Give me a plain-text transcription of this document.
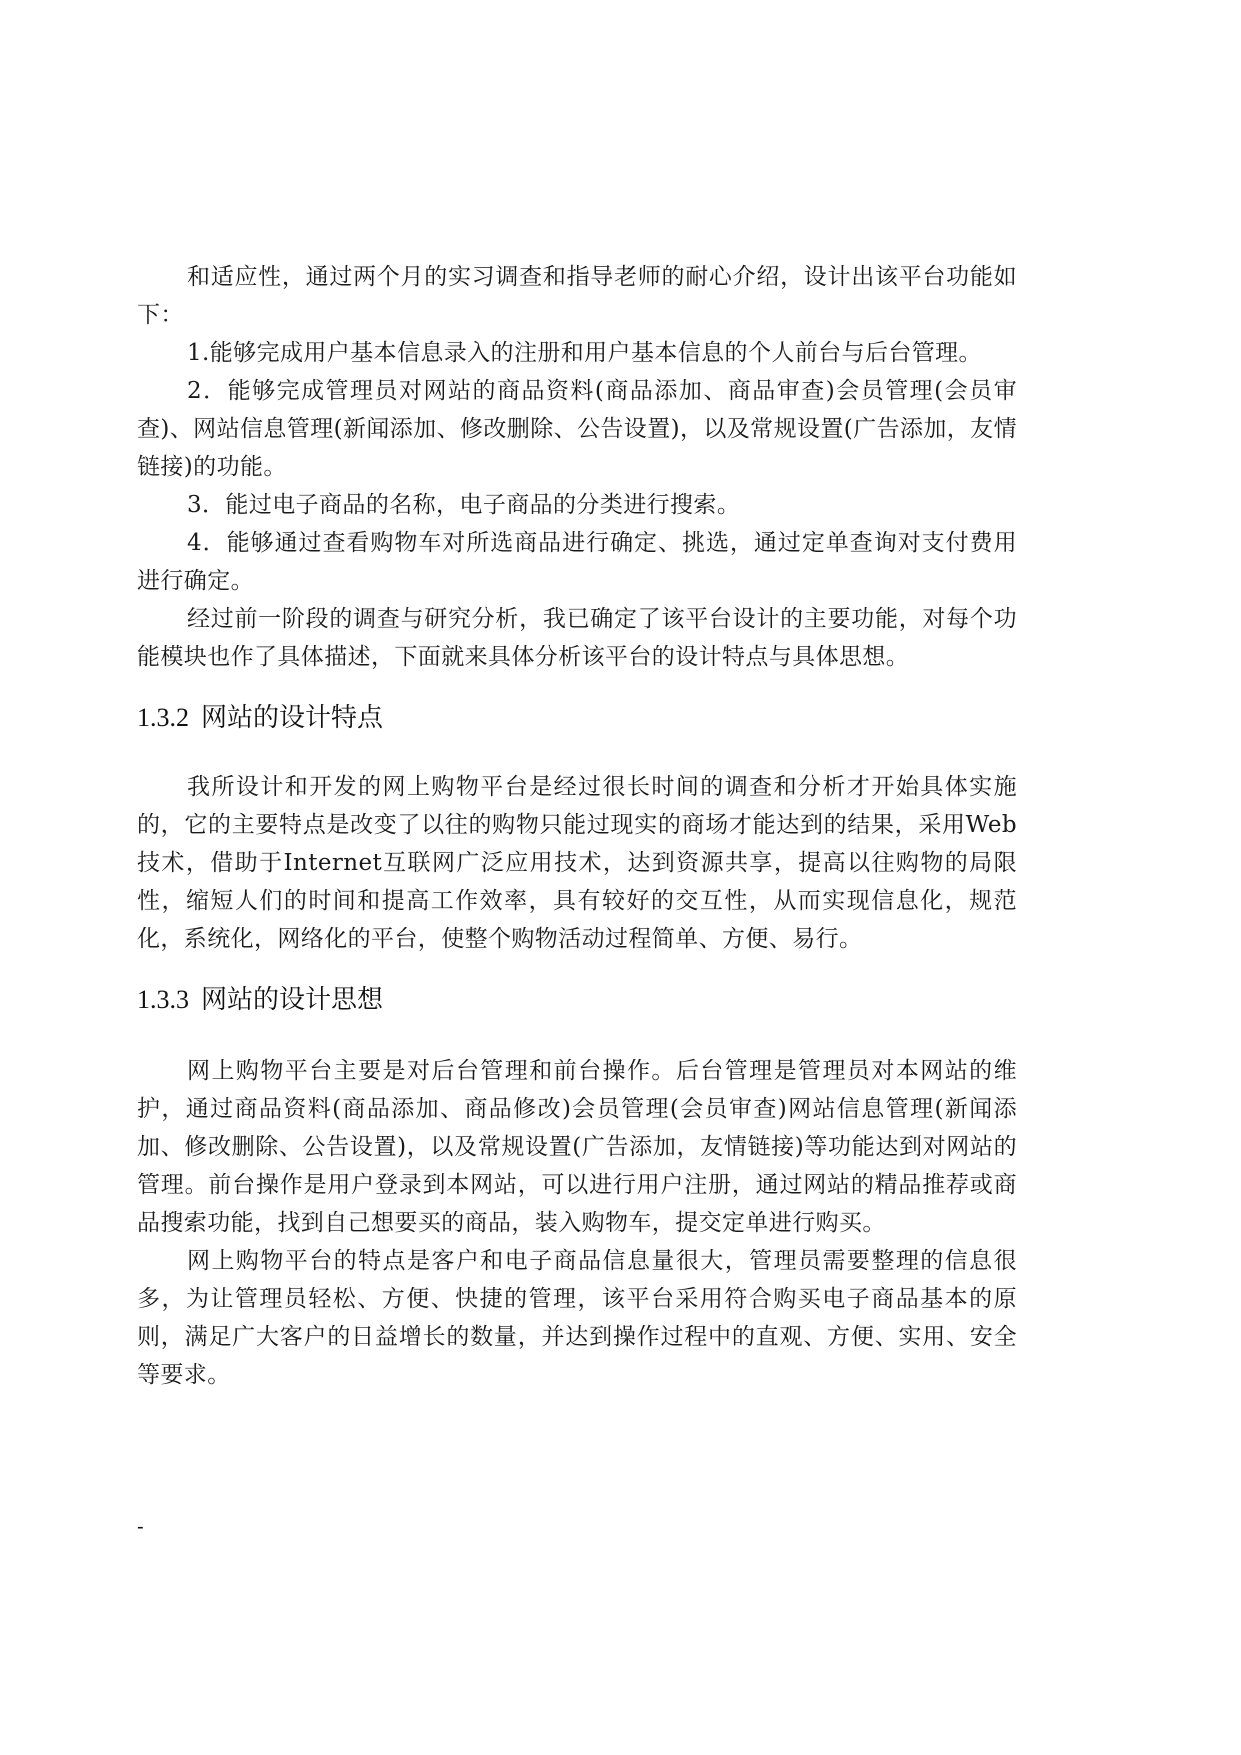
和适应性，通过两个月的实习调查和指导老师的耐心介绍，设计出该平台功能如下：

1.能够完成用户基本信息录入的注册和用户基本信息的个人前台与后台管理。

2．能够完成管理员对网站的商品资料(商品添加、商品审查)会员管理(会员审查)、网站信息管理(新闻添加、修改删除、公告设置)，以及常规设置(广告添加，友情链接)的功能。

3．能过电子商品的名称，电子商品的分类进行搜索。

4．能够通过查看购物车对所选商品进行确定、挑选，通过定单查询对支付费用进行确定。

经过前一阶段的调查与研究分析，我已确定了该平台设计的主要功能，对每个功能模块也作了具体描述，下面就来具体分析该平台的设计特点与具体思想。

1.3.2 网站的设计特点

我所设计和开发的网上购物平台是经过很长时间的调查和分析才开始具体实施的，它的主要特点是改变了以往的购物只能过现实的商场才能达到的结果，采用Web技术，借助于Internet互联网广泛应用技术，达到资源共享，提高以往购物的局限性，缩短人们的时间和提高工作效率，具有较好的交互性，从而实现信息化，规范化，系统化，网络化的平台，使整个购物活动过程简单、方便、易行。

1.3.3 网站的设计思想

网上购物平台主要是对后台管理和前台操作。后台管理是管理员对本网站的维护，通过商品资料(商品添加、商品修改)会员管理(会员审查)网站信息管理(新闻添加、修改删除、公告设置)，以及常规设置(广告添加，友情链接)等功能达到对网站的管理。前台操作是用户登录到本网站，可以进行用户注册，通过网站的精品推荐或商品搜索功能，找到自己想要买的商品，装入购物车，提交定单进行购买。

网上购物平台的特点是客户和电子商品信息量很大，管理员需要整理的信息很多，为让管理员轻松、方便、快捷的管理，该平台采用符合购买电子商品基本的原则，满足广大客户的日益增长的数量，并达到操作过程中的直观、方便、实用、安全等要求。

-
